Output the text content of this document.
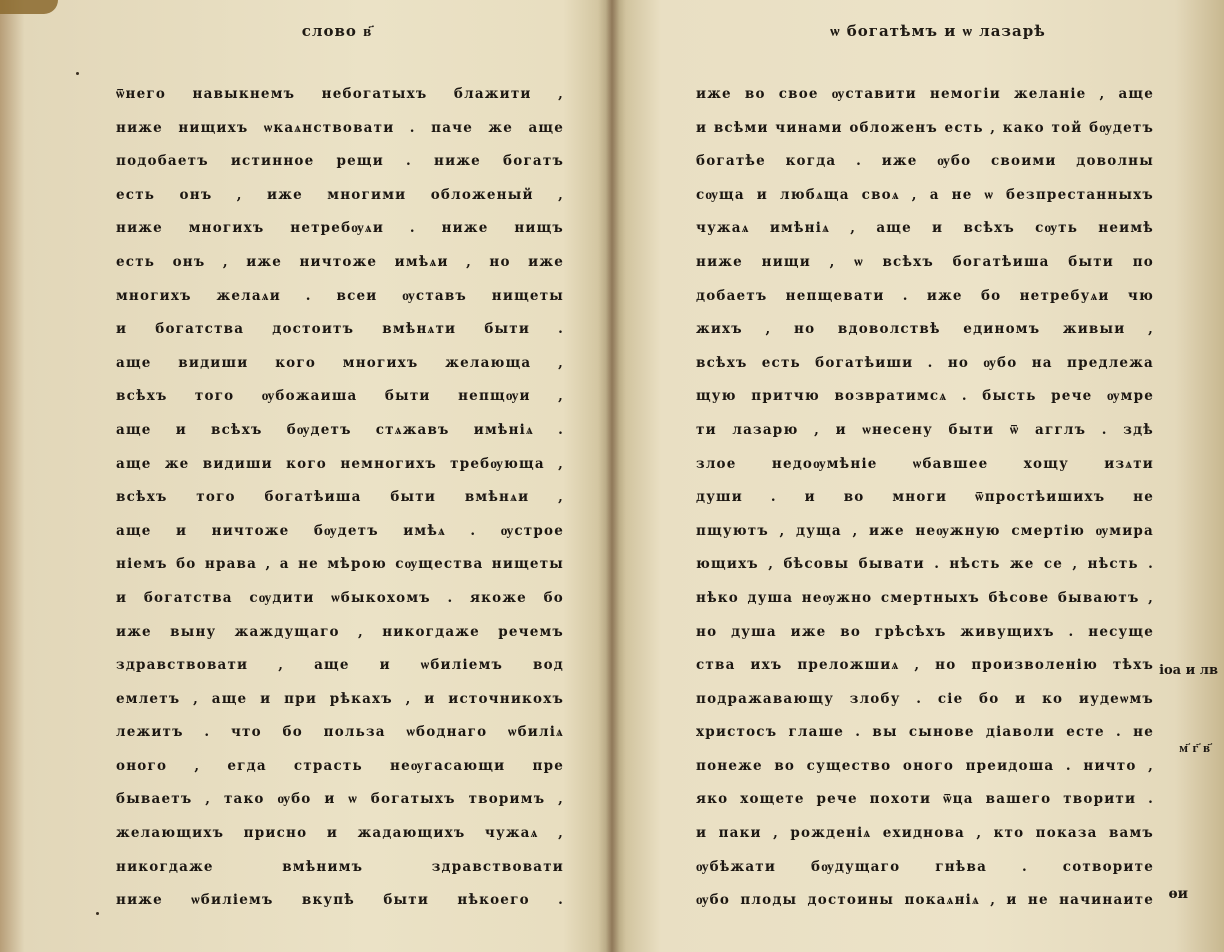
слово в҃
ѿнего навыкнемъ небогатыхъ блажити ,
ниже нищихъ ѡкаѧнствовати . паче же аще
подобаетъ истинное рещи . ниже богатъ
есть онъ , иже многими обложеный ,
ниже многихъ нетребѹѧи . ниже нищъ
есть онъ , иже ничтоже имѣѧи , но иже
многихъ желаѧи . всеи ѹставъ нищеты
и богатства достоитъ вмѣнѧти быти .
аще видиши кого многихъ желающа ,
всѣхъ того ѹбожаиша быти непщѹи ,
аще и всѣхъ бѹдетъ стѧжавъ имѣнiѧ .
аще же видиши кого немногихъ требѹюща ,
всѣхъ того богатѣиша быти вмѣнѧи ,
аще и ничтоже бѹдетъ имѣѧ . ѹстрое
нiемъ бо нрава , а не мѣрою сѹщества нищеты
и богатства сѹдити ѡбыкохомъ . якоже бо
иже выну жаждущаго , никогдаже речемъ
здравствовати , аще и ѡбилiемъ вод
емлетъ , аще и при рѣкахъ , и источникохъ
лежитъ . что бо польза ѡбоднаго ѡбилiѧ
оного , егда страсть неѹгасающи пре
бываетъ , тако ѹбо и ѡ богатыхъ творимъ ,
желающихъ присно и жадающихъ чужаѧ ,
никогдаже вмѣнимъ здравствовати
ниже ѡбилiемъ вкупѣ быти нѣкоего .
ѡ богатѣмъ и ѡ лазарѣ
иже во свое ѹставити немогiи желанiе , аще
и всѣми чинами обложенъ есть , како той бѹдетъ
богатѣе когда . иже ѹбо своими доволны
сѹща и любѧща своѧ , а не ѡ безпрестанныхъ
чужаѧ имѣнiѧ , аще и всѣхъ сѹть неимѣ
ниже нищи , ѡ всѣхъ богатѣиша быти по
добаетъ непщевати . иже бо нетребуѧи чю
жихъ , но вдоволствѣ единомъ живыи ,
всѣхъ есть богатѣиши . но ѹбо на предлежа
щую притчю возвратимсѧ . бысть рече ѹмре
ти лазарю , и ѡнесену быти ѿ агглъ . здѣ
злое недоѹмѣнiе ѡбавшее хощу изѧти
души . и во многи ѿпростѣишихъ не
пщуютъ , дуща , иже неѹжную смертiю ѹмира
ющихъ , бѣсовы бывати . нѣсть же се , нѣсть .
нѣко душа неѹжно смертныхъ бѣсове бываютъ ,
но душа иже во грѣсѣхъ живущихъ . несуще
ства ихъ преложшиѧ , но произволенiю тѣхъ
подражавающу злобу . сiе бо и ко иудеѡмъ
христосъ глаше . вы сынове дiаволи есте . не
понеже во существо оного преидоша . ничто ,
яко хощете рече похоти ѿца вашего творити .
и паки , рожденiѧ ехиднова , кто показа вамъ
ѹбѣжати бѹдущаго гнѣва . сотворите
ѹбо плоды достоины покаѧнiѧ , и не начинаите
ioа и лв
м҃ г҃ в҃
ѳи
